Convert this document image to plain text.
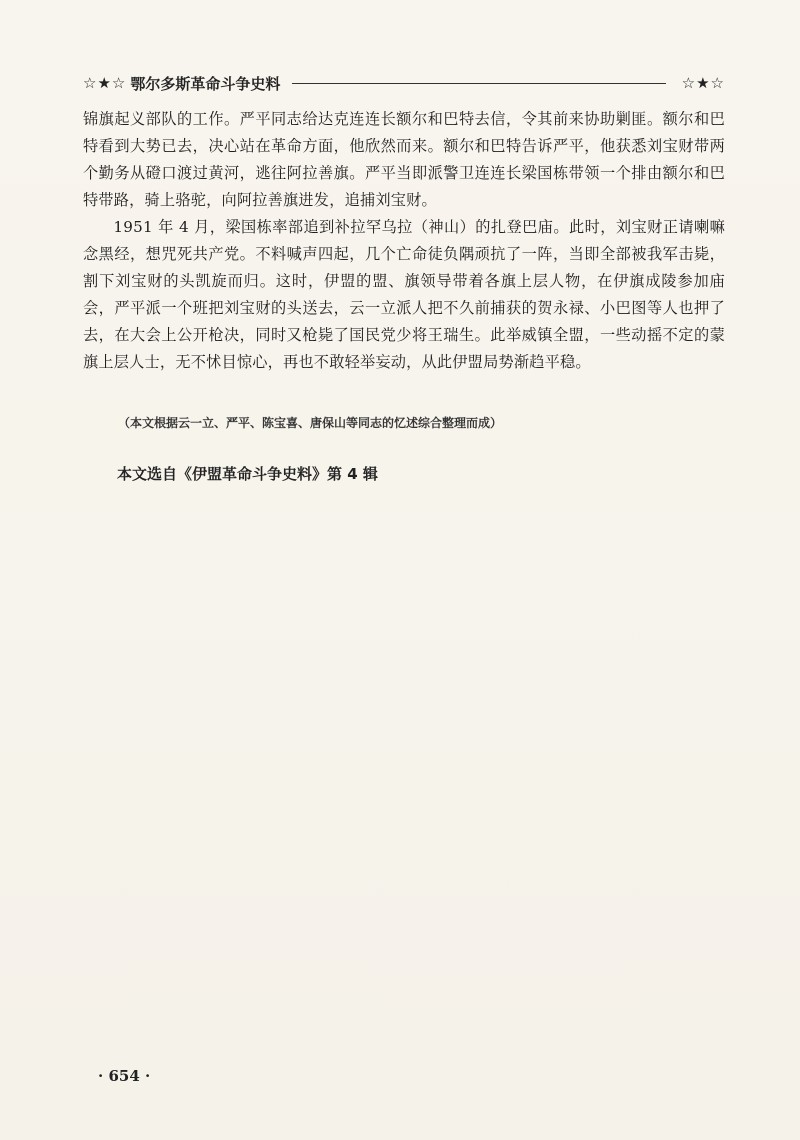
☆★☆ 鄂尔多斯革命斗争史料	☆★☆

锦旗起义部队的工作。严平同志给达克连连长额尔和巴特去信，令其前来协助剿匪。额尔和巴特看到大势已去，决心站在革命方面，他欣然而来。额尔和巴特告诉严平，他获悉刘宝财带两个勤务从磴口渡过黄河，逃往阿拉善旗。严平当即派警卫连连长梁国栋带领一个排由额尔和巴特带路，骑上骆驼，向阿拉善旗进发，追捕刘宝财。

1951 年 4 月，梁国栋率部追到补拉罕乌拉（神山）的扎登巴庙。此时，刘宝财正请喇嘛念黑经，想咒死共产党。不料喊声四起，几个亡命徒负隅顽抗了一阵，当即全部被我军击毙，割下刘宝财的头凯旋而归。这时，伊盟的盟、旗领导带着各旗上层人物，在伊旗成陵参加庙会，严平派一个班把刘宝财的头送去，云一立派人把不久前捕获的贺永禄、小巴图等人也押了去，在大会上公开枪决，同时又枪毙了国民党少将王瑞生。此举威镇全盟，一些动摇不定的蒙旗上层人士，无不怵目惊心，再也不敢轻举妄动，从此伊盟局势渐趋平稳。

（本文根据云一立、严平、陈宝喜、唐保山等同志的忆述综合整理而成）
本文选自《伊盟革命斗争史料》第 4 辑
· 654 ·
